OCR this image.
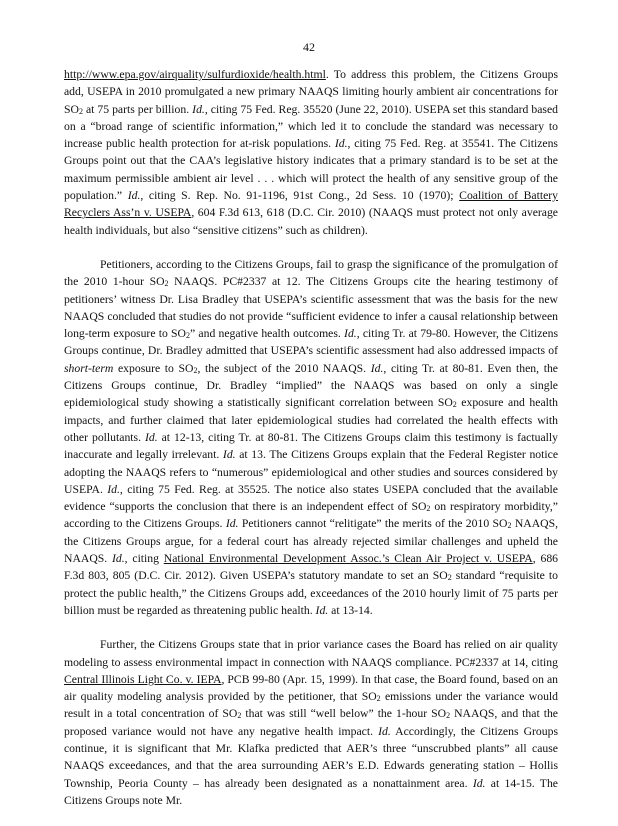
42

http://www.epa.gov/airquality/sulfurdioxide/health.html. To address this problem, the Citizens Groups add, USEPA in 2010 promulgated a new primary NAAQS limiting hourly ambient air concentrations for $SO_2$ at 75 parts per billion. Id., citing 75 Fed. Reg. 35520 (June 22, 2010). USEPA set this standard based on a “broad range of scientific information,” which led it to conclude the standard was necessary to increase public health protection for at-risk populations. Id., citing 75 Fed. Reg. at 35541. The Citizens Groups point out that the CAA’s legislative history indicates that a primary standard is to be set at the maximum permissible ambient air level . . . which will protect the health of any sensitive group of the population.” Id., citing S. Rep. No. 91-1196, 91st Cong., 2d Sess. 10 (1970); Coalition of Battery Recyclers Ass’n v. USEPA, 604 F.3d 613, 618 (D.C. Cir. 2010) (NAAQS must protect not only average health individuals, but also “sensitive citizens” such as children).

Petitioners, according to the Citizens Groups, fail to grasp the significance of the promulgation of the 2010 1-hour $SO_2$ NAAQS. PC#2337 at 12. The Citizens Groups cite the hearing testimony of petitioners’ witness Dr. Lisa Bradley that USEPA’s scientific assessment that was the basis for the new NAAQS concluded that studies do not provide “sufficient evidence to infer a causal relationship between long-term exposure to $SO_2$” and negative health outcomes. Id., citing Tr. at 79-80. However, the Citizens Groups continue, Dr. Bradley admitted that USEPA’s scientific assessment had also addressed impacts of short-term exposure to $SO_2$, the subject of the 2010 NAAQS. Id., citing Tr. at 80-81. Even then, the Citizens Groups continue, Dr. Bradley “implied” the NAAQS was based on only a single epidemiological study showing a statistically significant correlation between $SO_2$ exposure and health impacts, and further claimed that later epidemiological studies had correlated the health effects with other pollutants. Id. at 12-13, citing Tr. at 80-81. The Citizens Groups claim this testimony is factually inaccurate and legally irrelevant. Id. at 13. The Citizens Groups explain that the Federal Register notice adopting the NAAQS refers to “numerous” epidemiological and other studies and sources considered by USEPA. Id., citing 75 Fed. Reg. at 35525. The notice also states USEPA concluded that the available evidence “supports the conclusion that there is an independent effect of $SO_2$ on respiratory morbidity,” according to the Citizens Groups. Id. Petitioners cannot “relitigate” the merits of the 2010 $SO_2$ NAAQS, the Citizens Groups argue, for a federal court has already rejected similar challenges and upheld the NAAQS. Id., citing National Environmental Development Assoc.’s Clean Air Project v. USEPA, 686 F.3d 803, 805 (D.C. Cir. 2012). Given USEPA’s statutory mandate to set an $SO_2$ standard “requisite to protect the public health,” the Citizens Groups add, exceedances of the 2010 hourly limit of 75 parts per billion must be regarded as threatening public health. Id. at 13-14.

Further, the Citizens Groups state that in prior variance cases the Board has relied on air quality modeling to assess environmental impact in connection with NAAQS compliance. PC#2337 at 14, citing Central Illinois Light Co. v. IEPA, PCB 99-80 (Apr. 15, 1999). In that case, the Board found, based on an air quality modeling analysis provided by the petitioner, that $SO_2$ emissions under the variance would result in a total concentration of $SO_2$ that was still “well below” the 1-hour $SO_2$ NAAQS, and that the proposed variance would not have any negative health impact. Id. Accordingly, the Citizens Groups continue, it is significant that Mr. Klafka predicted that AER’s three “unscrubbed plants” all cause NAAQS exceedances, and that the area surrounding AER’s E.D. Edwards generating station – Hollis Township, Peoria County – has already been designated as a nonattainment area. Id. at 14-15. The Citizens Groups note Mr.
